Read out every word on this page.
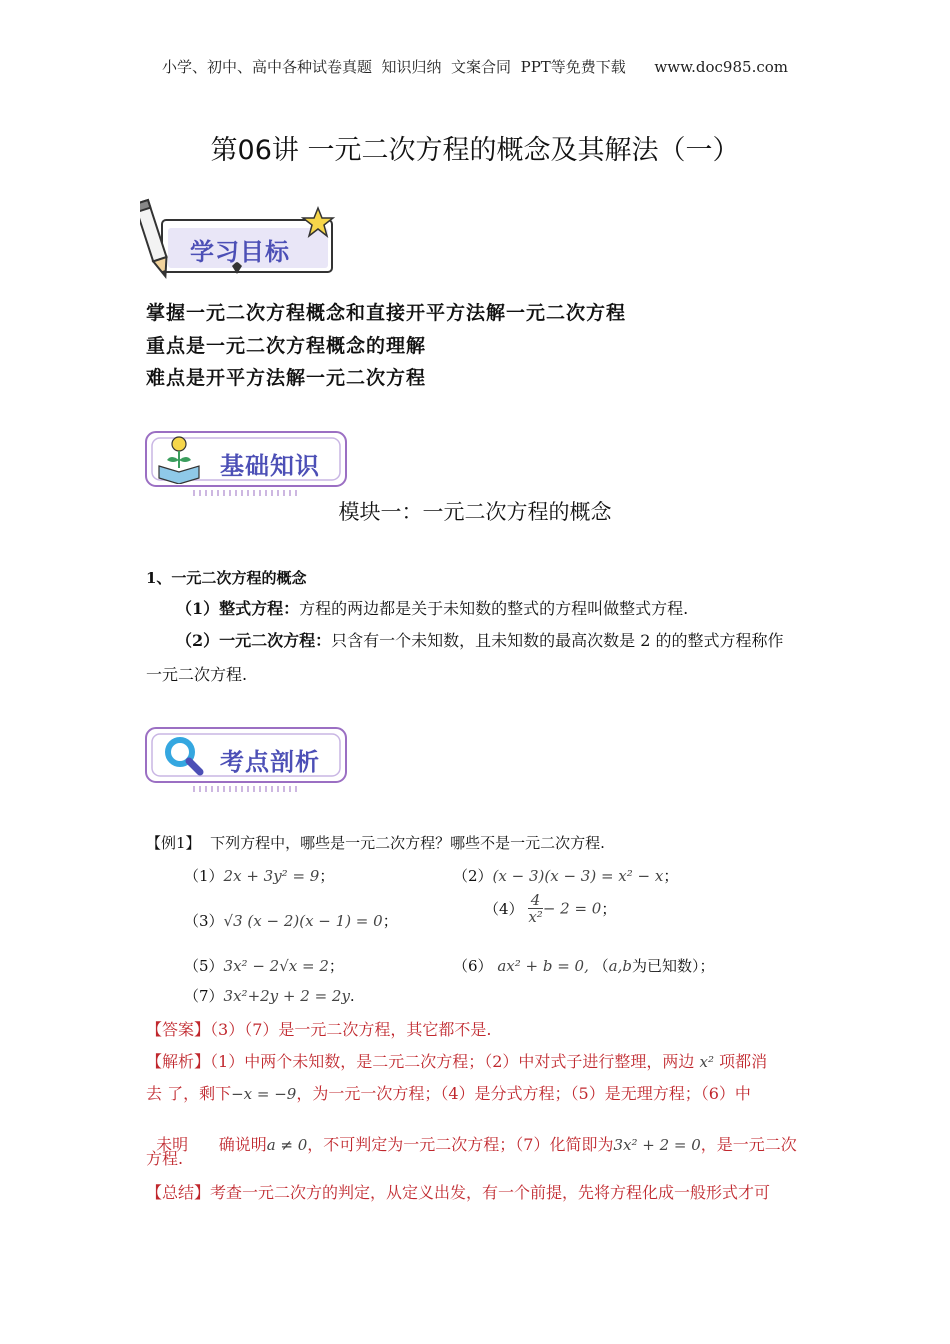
小学、初中、高中各种试卷真题  知识归纳  文案合同  PPT等免费下载      www.doc985.com
第06讲 一元二次方程的概念及其解法（一）
学习目标
掌握一元二次方程概念和直接开平方法解一元二次方程
重点是一元二次方程概念的理解
难点是开平方法解一元二次方程
基础知识
模块一：一元二次方程的概念
1、一元二次方程的概念
（1）整式方程：方程的两边都是关于未知数的整式的方程叫做整式方程.
（2）一元二次方程：只含有一个未知数，且未知数的最高次数是 2 的的整式方程称作
一元二次方程.
考点剖析
【例1】 下列方程中，哪些是一元二次方程？哪些不是一元二次方程.
（1）2x + 3y² = 9；	（2）(x − 3)(x − 3) = x² − x；
（3）√3 (x − 2)(x − 1) = 0；
$(4) \frac{4}{\text{x²}} - 2 = 0$；
（5）3x² − 2√x = 2；	（6） ax² + b = 0, （a,b为已知数）；
（7）3x²+2y + 2 = 2y.
【答案】（3）（7）是一元二次方程，其它都不是.
【解析】（1）中两个未知数，是二元二次方程；（2）中对式子进行整理，两边 x² 项都消
去 了，剩下−x = −9，为一元一次方程；（4）是分式方程；（5）是无理方程；（6）中

未明      确说明a ≠ 0，不可判定为一元二次方程；（7）化简即为3x² + 2 = 0，是一元二次

方程.
【总结】考查一元二次方的判定，从定义出发，有一个前提，先将方程化成一般形式才可
